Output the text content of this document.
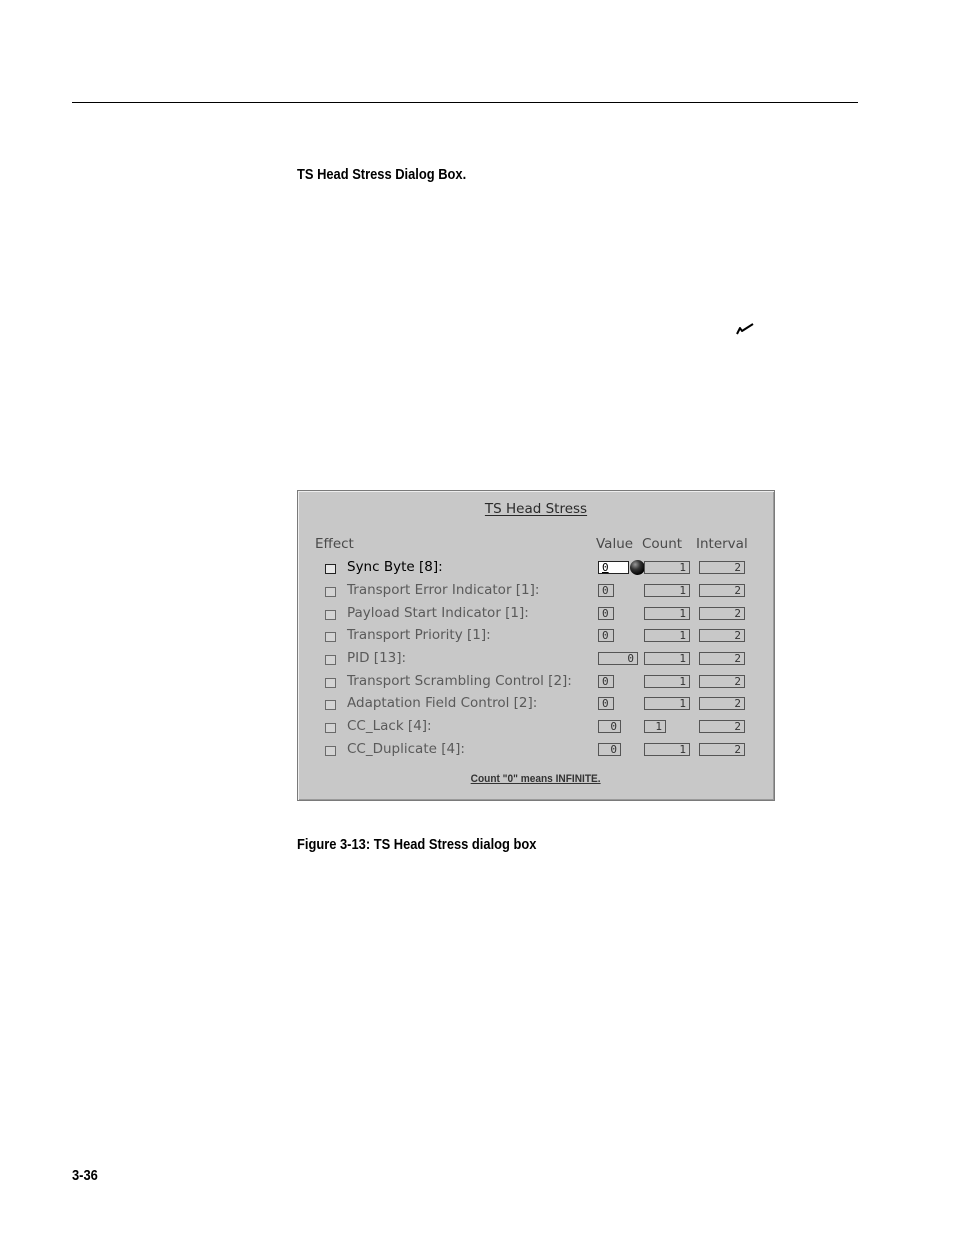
TS Head Stress Dialog Box.
TS Head Stress
Effect	Value Count Interval
Sync Byte [8]:	0	1	2
Transport Error Indicator [1]:	0	1	2
Payload Start Indicator [1]:	0	1	2
Transport Priority [1]:	0	1	2
PID [13]:	0	1	2
Transport Scrambling Control [2]:	0	1	2
Adaptation Field Control [2]:	0	1	2
CC_Lack [4]:	0	1	2
CC_Duplicate [4]:	0	1	2
Count "0" means INFINITE.
Figure 3-13: TS Head Stress dialog box
3-36
